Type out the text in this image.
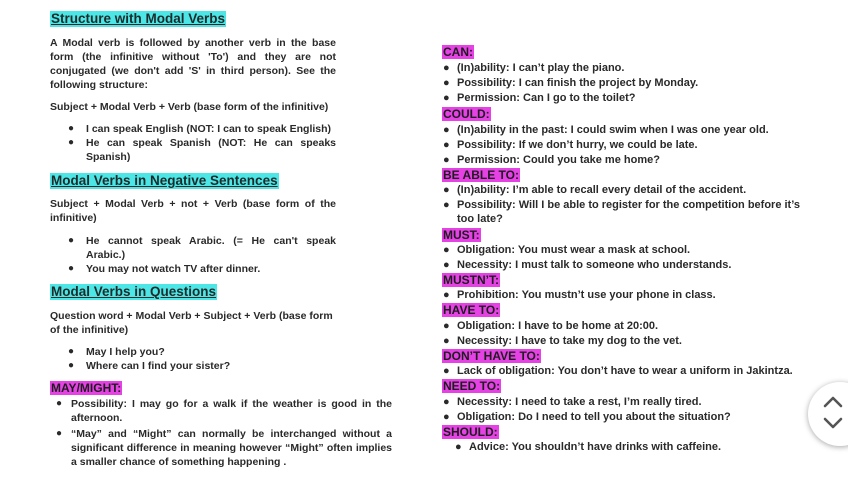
Structure with Modal Verbs
A Modal verb is followed by another verb in the base form (the infinitive without 'To') and they are not conjugated (we don't add 'S' in third person). See the following structure:
Subject + Modal Verb + Verb (base form of the infinitive)
● I can speak English (NOT: I can to speak English)
● He can speak Spanish (NOT: He can speaks Spanish)
Modal Verbs in Negative Sentences
Subject + Modal Verb + not + Verb (base form of the infinitive)
● He cannot speak Arabic. (= He can't speak Arabic.)
● You may not watch TV after dinner.
Modal Verbs in Questions
Question word + Modal Verb + Subject + Verb (base form of the infinitive)
● May I help you?
● Where can I find your sister?
MAY/MIGHT:
● Possibility: I may go for a walk if the weather is good in the afternoon.
● “May” and “Might” can normally be interchanged without a significant difference in meaning however “Might” often implies a smaller chance of something happening .
CAN:
● (In)ability: I can’t play the piano.
● Possibility: I can finish the project by Monday.
● Permission: Can I go to the toilet?
COULD:
● (In)ability in the past: I could swim when I was one year old.
● Possibility: If we don’t hurry, we could be late.
● Permission: Could you take me home?
BE ABLE TO:
● (In)ability: I’m able to recall every detail of the accident.
● Possibility: Will I be able to register for the competition before it’s too late?
MUST:
● Obligation: You must wear a mask at school.
● Necessity: I must talk to someone who understands.
MUSTN’T:
● Prohibition: You mustn’t use your phone in class.
HAVE TO:
● Obligation: I have to be home at 20:00.
● Necessity: I have to take my dog to the vet.
DON’T HAVE TO:
● Lack of obligation: You don’t have to wear a uniform in Jakintza.
NEED TO:
● Necessity: I need to take a rest, I’m really tired.
● Obligation: Do I need to tell you about the situation?
SHOULD:
● Advice: You shouldn’t have drinks with caffeine.
